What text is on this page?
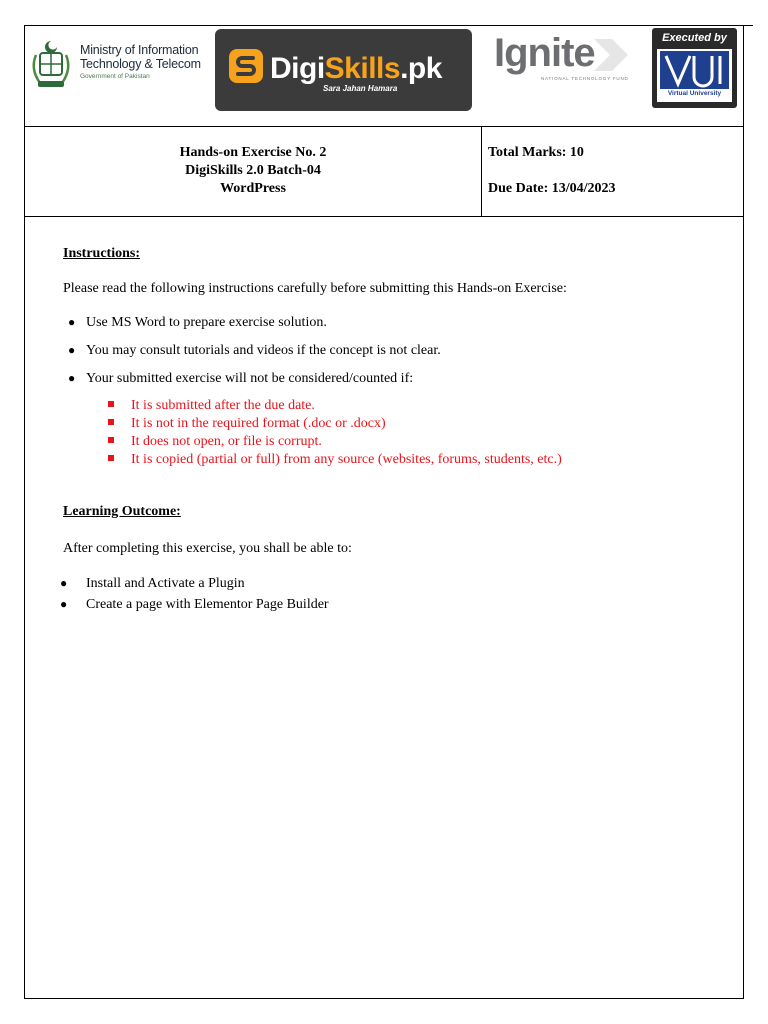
Ministry of Information
Technology & Telecom
Government of Pakistan	DigiSkills.pk
Sara Jahan Hamara
Ignite
NATIONAL TECHNOLOGY FUND
Executed by
Virtual University
Hands-on Exercise No. 2
DigiSkills 2.0 Batch-04
WordPress
Total Marks: 10
Due Date: 13/04/2023
Instructions:
Please read the following instructions carefully before submitting this Hands-on Exercise:
● Use MS Word to prepare exercise solution.
● You may consult tutorials and videos if the concept is not clear.
● Your submitted exercise will not be considered/counted if:
It is submitted after the due date.
It is not in the required format (.doc or .docx)
It does not open, or file is corrupt.
It is copied (partial or full) from any source (websites, forums, students, etc.)
Learning Outcome:
After completing this exercise, you shall be able to:
● Install and Activate a Plugin
● Create a page with Elementor Page Builder
